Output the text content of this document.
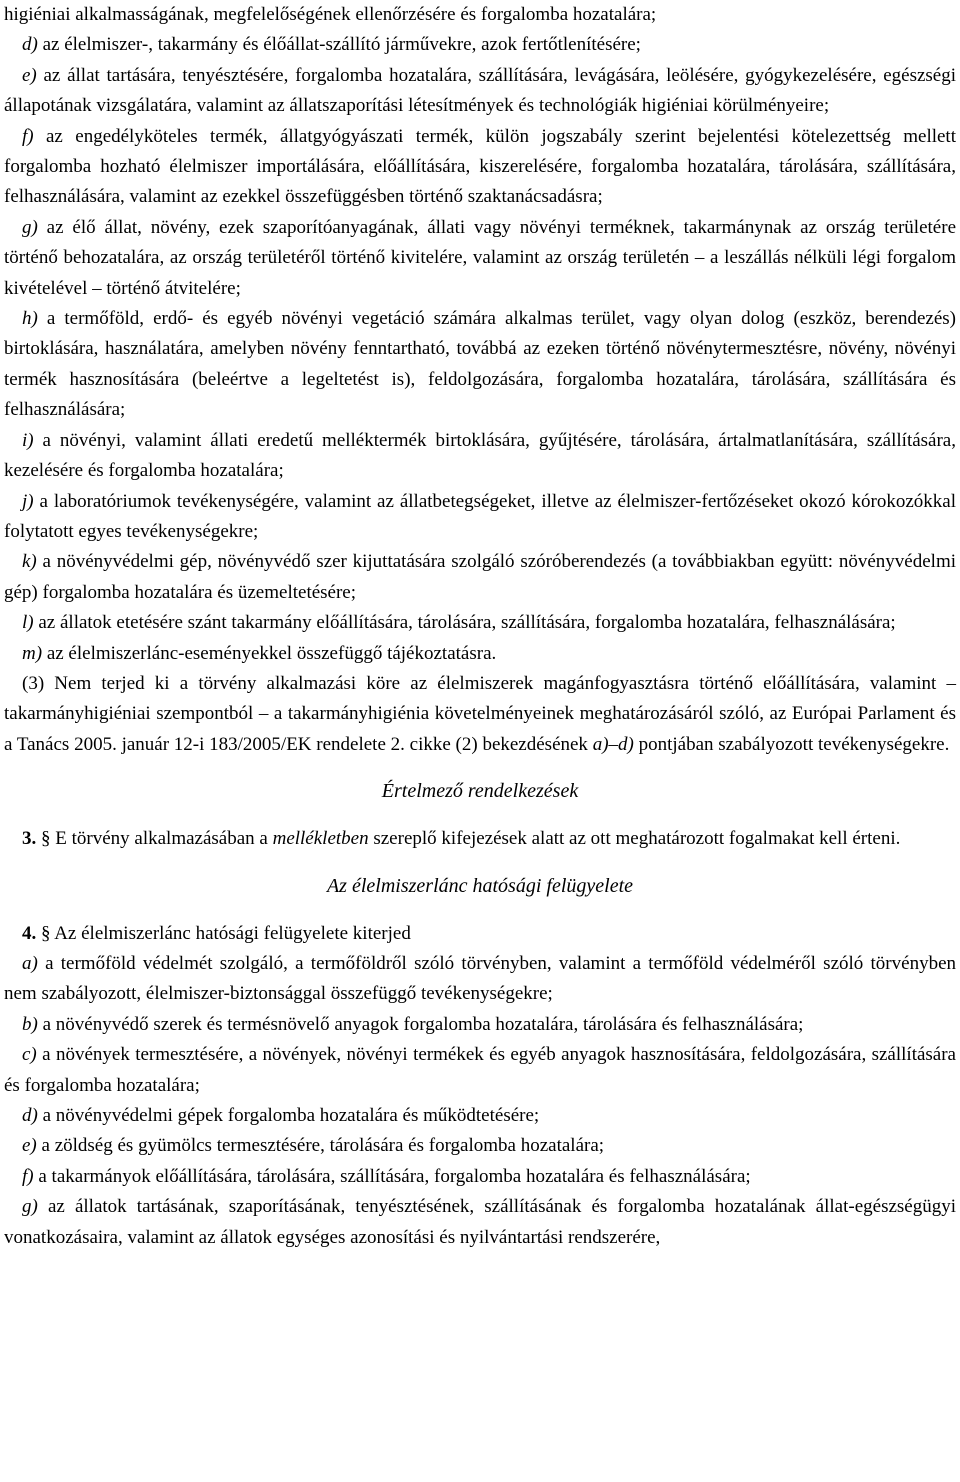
higiéniai alkalmasságának, megfelelőségének ellenőrzésére és forgalomba hozatalára;

d) az élelmiszer-, takarmány és élőállat-szállító járművekre, azok fertőtlenítésére;

e) az állat tartására, tenyésztésére, forgalomba hozatalára, szállítására, levágására, leölésére, gyógykezelésére, egészségi állapotának vizsgálatára, valamint az állatszaporítási létesítmények és technológiák higiéniai körülményeire;

f) az engedélyköteles termék, állatgyógyászati termék, külön jogszabály szerint bejelentési kötelezettség mellett forgalomba hozható élelmiszer importálására, előállítására, kiszerelésére, forgalomba hozatalára, tárolására, szállítására, felhasználására, valamint az ezekkel összefüggésben történő szaktanácsadásra;

g) az élő állat, növény, ezek szaporítóanyagának, állati vagy növényi terméknek, takarmánynak az ország területére történő behozatalára, az ország területéről történő kivitelére, valamint az ország területén – a leszállás nélküli légi forgalom kivételével – történő átvitelére;

h) a termőföld, erdő- és egyéb növényi vegetáció számára alkalmas terület, vagy olyan dolog (eszköz, berendezés) birtoklására, használatára, amelyben növény fenntartható, továbbá az ezeken történő növénytermesztésre, növény, növényi termék hasznosítására (beleértve a legeltetést is), feldolgozására, forgalomba hozatalára, tárolására, szállítására és felhasználására;

i) a növényi, valamint állati eredetű melléktermék birtoklására, gyűjtésére, tárolására, ártalmatlanítására, szállítására, kezelésére és forgalomba hozatalára;

j) a laboratóriumok tevékenységére, valamint az állatbetegségeket, illetve az élelmiszer-fertőzéseket okozó kórokozókkal folytatott egyes tevékenységekre;

k) a növényvédelmi gép, növényvédő szer kijuttatására szolgáló szóróberendezés (a továbbiakban együtt: növényvédelmi gép) forgalomba hozatalára és üzemeltetésére;

l) az állatok etetésére szánt takarmány előállítására, tárolására, szállítására, forgalomba hozatalára, felhasználására;

m) az élelmiszerlánc-eseményekkel összefüggő tájékoztatásra.

(3) Nem terjed ki a törvény alkalmazási köre az élelmiszerek magánfogyasztásra történő előállítására, valamint – takarmányhigiéniai szempontból – a takarmányhigiénia követelményeinek meghatározásáról szóló, az Európai Parlament és a Tanács 2005. január 12-i 183/2005/EK rendelete 2. cikke (2) bekezdésének a)–d) pontjában szabályozott tevékenységekre.

Értelmező rendelkezések

3. § E törvény alkalmazásában a mellékletben szereplő kifejezések alatt az ott meghatározott fogalmakat kell érteni.

Az élelmiszerlánc hatósági felügyelete

4. § Az élelmiszerlánc hatósági felügyelete kiterjed

a) a termőföld védelmét szolgáló, a termőföldről szóló törvényben, valamint a termőföld védelméről szóló törvényben nem szabályozott, élelmiszer-biztonsággal összefüggő tevékenységekre;

b) a növényvédő szerek és termésnövelő anyagok forgalomba hozatalára, tárolására és felhasználására;

c) a növények termesztésére, a növények, növényi termékek és egyéb anyagok hasznosítására, feldolgozására, szállítására és forgalomba hozatalára;

d) a növényvédelmi gépek forgalomba hozatalára és működtetésére;

e) a zöldség és gyümölcs termesztésére, tárolására és forgalomba hozatalára;

f) a takarmányok előállítására, tárolására, szállítására, forgalomba hozatalára és felhasználására;

g) az állatok tartásának, szaporításának, tenyésztésének, szállításának és forgalomba hozatalának állat-egészségügyi vonatkozásaira, valamint az állatok egységes azonosítási és nyilvántartási rendszerére,
